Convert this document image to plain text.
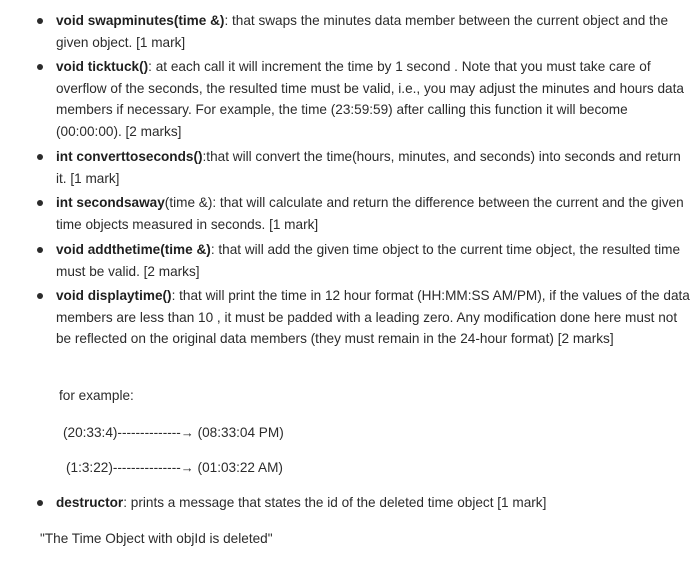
void swapminutes(time &): that swaps the minutes data member between the current object and the given object. [1 mark]
void ticktuck(): at each call it will increment the time by 1 second . Note that you must take care of overflow of the seconds, the resulted time must be valid, i.e., you may adjust the minutes and hours data members if necessary. For example, the time (23:59:59) after calling this function it will become (00:00:00). [2 marks]
int converttoseconds():that will convert the time(hours, minutes, and seconds) into seconds and return it. [1 mark]
int secondsaway(time &): that will calculate and return the difference between the current and the given time objects measured in seconds. [1 mark]
void addthetime(time &): that will add the given time object to the current time object, the resulted time must be valid. [2 marks]
void displaytime(): that will print the time in 12 hour format (HH:MM:SS AM/PM), if the values of the data members are less than 10 , it must be padded with a leading zero. Any modification done here must not be reflected on the original data members (they must remain in the 24-hour format) [2 marks]
for example:
(20:33:4)--------------→ (08:33:04 PM)
(1:3:22)---------------→ (01:03:22 AM)
destructor: prints a message that states the id of the deleted time object [1 mark]
"The Time Object with objId is deleted"
